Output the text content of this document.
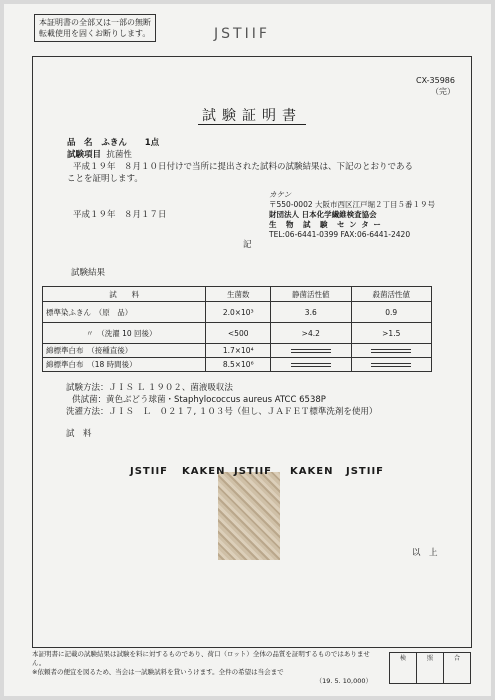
本証明書の全部又は一部の無断
転載使用を固くお断りします。	JSTIIF
CX-35986
（完）
試験証明書
品　名 ふきん 1点
試験項目 抗菌性
平成１９年　８月１０日付けで当所に提出された試料の試験結果は、下記のとおりである
ことを証明します。
カケン
〒550-0002 大阪市西区江戸堀２丁目５番１９号
財団法人 日本化学繊維検査協会
生　物　試　験　セ ン タ ー
TEL:06-6441-0399 FAX:06-6441-2420
平成１９年　８月１７日
記
試験結果
試　　料	生菌数	静菌活性値	殺菌活性値
標準染ふきん　 （原　品）	2.0×10³	3.6	0.9
〃　 （洗濯 10 回後）	<500	>4.2	>1.5
綿標準白布　 （接種直後）	1.7×10⁴		
綿標準白布　 （18 時間後）	8.5×10⁶		
試験方法：ＪＩＳ Ｌ １９０２、菌液吸収法
供試菌：黄色ぶどう球菌・Staphylococcus aureus ATCC 6538P
洗濯方法：ＪＩＳ　Ｌ　０２１７, １０３号（但し、ＪＡＦＥＴ標準洗剤を使用）
試　料
JSTIIF KAKEN JSTIIF KAKEN JSTIIF
以　上
本証明書に記載の試験結果は試験を料に対するものであり、荷口（ロット）全体の品質を証明するものではありません。
※依頼者の便宜を図るため、当会は一試験試料を貸いうけます。全件の希望は当会まで
（19. 5. 10,000）
検	照	合
